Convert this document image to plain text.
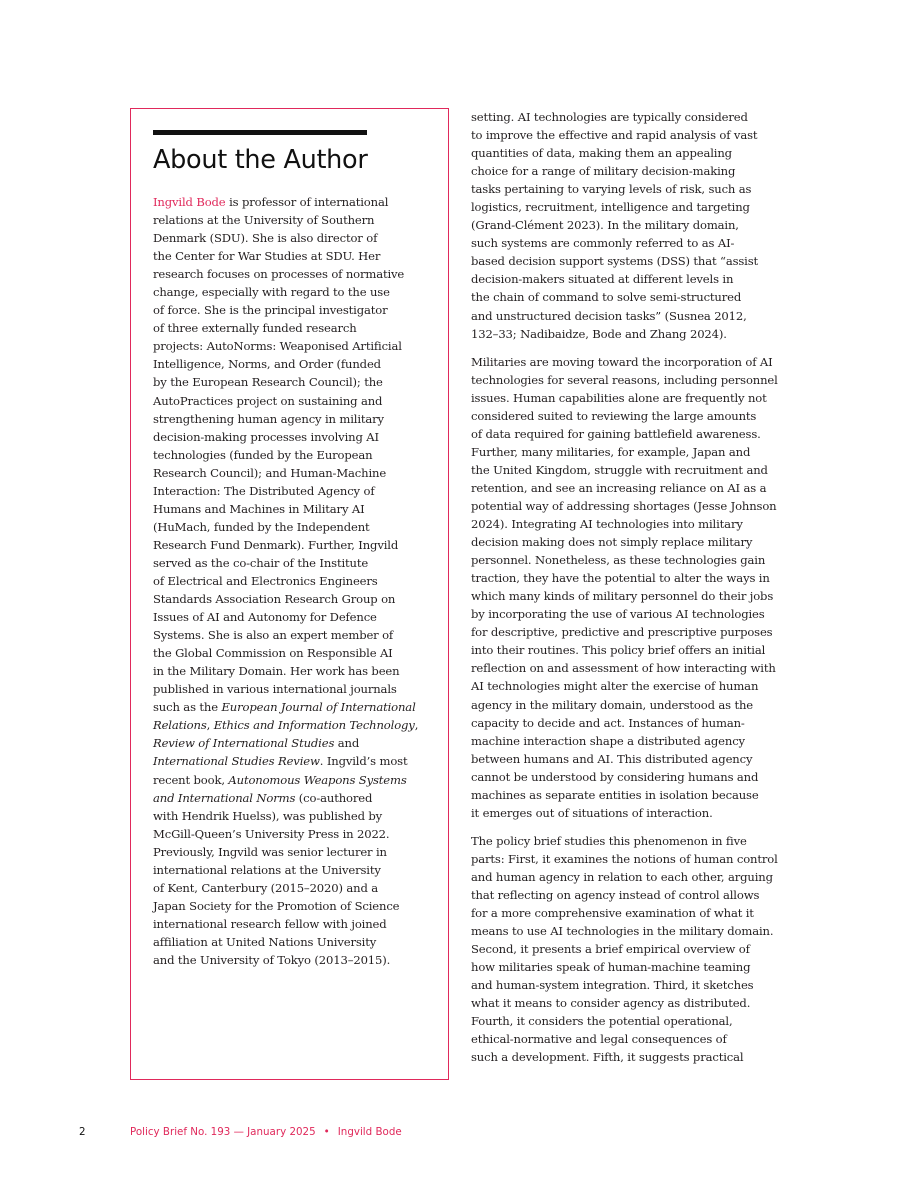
About the Author
Ingvild Bode is professor of international
relations at the University of Southern
Denmark (SDU). She is also director of
the Center for War Studies at SDU. Her
research focuses on processes of normative
change, especially with regard to the use
of force. She is the principal investigator
of three externally funded research
projects: AutoNorms: Weaponised Artificial
Intelligence, Norms, and Order (funded
by the European Research Council); the
AutoPractices project on sustaining and
strengthening human agency in military
decision-making processes involving AI
technologies (funded by the European
Research Council); and Human-Machine
Interaction: The Distributed Agency of
Humans and Machines in Military AI
(HuMach, funded by the Independent
Research Fund Denmark). Further, Ingvild
served as the co-chair of the Institute
of Electrical and Electronics Engineers
Standards Association Research Group on
Issues of AI and Autonomy for Defence
Systems. She is also an expert member of
the Global Commission on Responsible AI
in the Military Domain. Her work has been
published in various international journals
such as the European Journal of International
Relations, Ethics and Information Technology,
Review of International Studies and
International Studies Review. Ingvild’s most
recent book, Autonomous Weapons Systems
and International Norms (co-authored
with Hendrik Huelss), was published by
McGill-Queen’s University Press in 2022.
Previously, Ingvild was senior lecturer in
international relations at the University
of Kent, Canterbury (2015–2020) and a
Japan Society for the Promotion of Science
international research fellow with joined
affiliation at United Nations University
and the University of Tokyo (2013–2015).

setting. AI technologies are typically considered
to improve the effective and rapid analysis of vast
quantities of data, making them an appealing
choice for a range of military decision-making
tasks pertaining to varying levels of risk, such as
logistics, recruitment, intelligence and targeting
(Grand-Clément 2023). In the military domain,
such systems are commonly referred to as AI-
based decision support systems (DSS) that “assist
decision-makers situated at different levels in
the chain of command to solve semi-structured
and unstructured decision tasks” (Susnea 2012,
132–33; Nadibaidze, Bode and Zhang 2024).

Militaries are moving toward the incorporation of AI
technologies for several reasons, including personnel
issues. Human capabilities alone are frequently not
considered suited to reviewing the large amounts
of data required for gaining battlefield awareness.
Further, many militaries, for example, Japan and
the United Kingdom, struggle with recruitment and
retention, and see an increasing reliance on AI as a
potential way of addressing shortages (Jesse Johnson
2024). Integrating AI technologies into military
decision making does not simply replace military
personnel. Nonetheless, as these technologies gain
traction, they have the potential to alter the ways in
which many kinds of military personnel do their jobs
by incorporating the use of various AI technologies
for descriptive, predictive and prescriptive purposes
into their routines. This policy brief offers an initial
reflection on and assessment of how interacting with
AI technologies might alter the exercise of human
agency in the military domain, understood as the
capacity to decide and act. Instances of human-
machine interaction shape a distributed agency
between humans and AI. This distributed agency
cannot be understood by considering humans and
machines as separate entities in isolation because
it emerges out of situations of interaction.

The policy brief studies this phenomenon in five
parts: First, it examines the notions of human control
and human agency in relation to each other, arguing
that reflecting on agency instead of control allows
for a more comprehensive examination of what it
means to use AI technologies in the military domain.
Second, it presents a brief empirical overview of
how militaries speak of human-machine teaming
and human-system integration. Third, it sketches
what it means to consider agency as distributed.
Fourth, it considers the potential operational,
ethical-normative and legal consequences of
such a development. Fifth, it suggests practical

2	Policy Brief No. 193 — January 2025 • Ingvild Bode
